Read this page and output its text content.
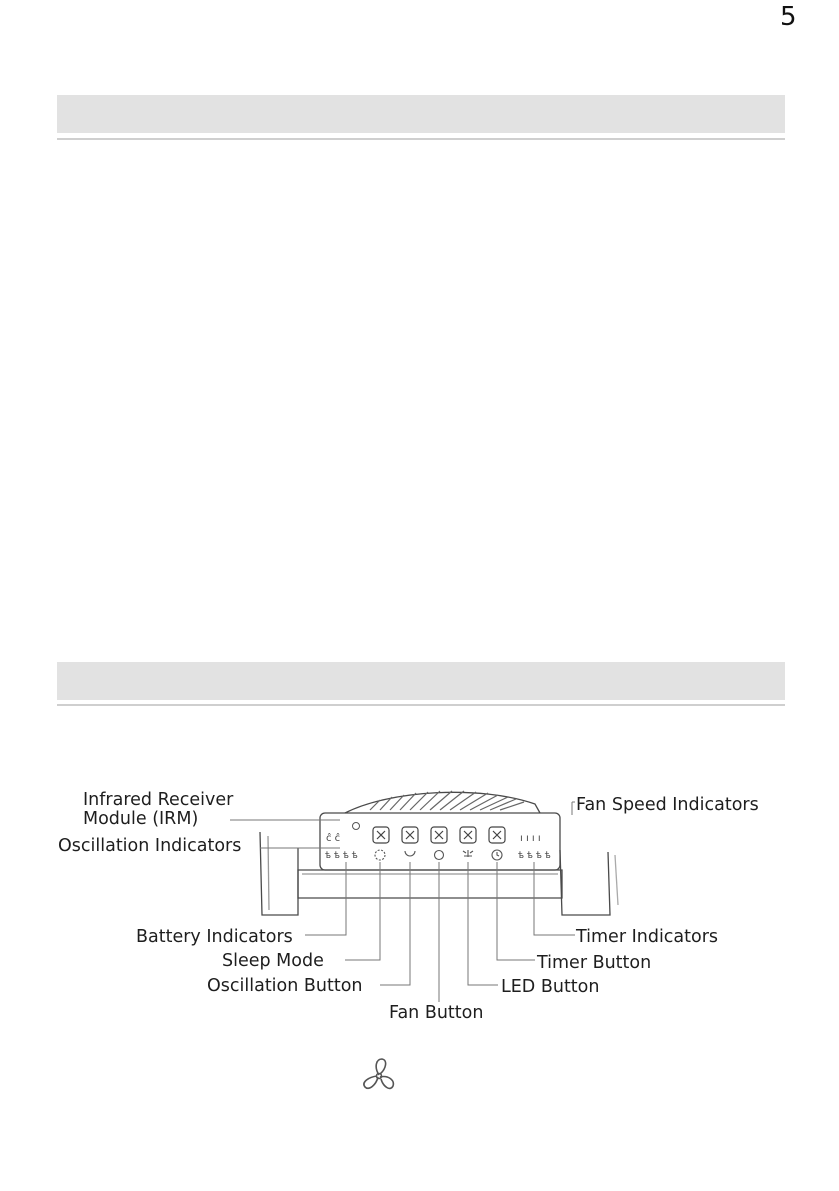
5
ĉ ĉ
ѣ ѣ ѣ ѣ
ı ı ı ı
ѣ ѣ ѣ ѣ
Infrared Receiver
Module (IRM)
Oscillation Indicators
Fan Speed Indicators
Battery Indicators
Sleep Mode
Oscillation Button
Fan Button
LED Button
Timer Button
Timer Indicators
